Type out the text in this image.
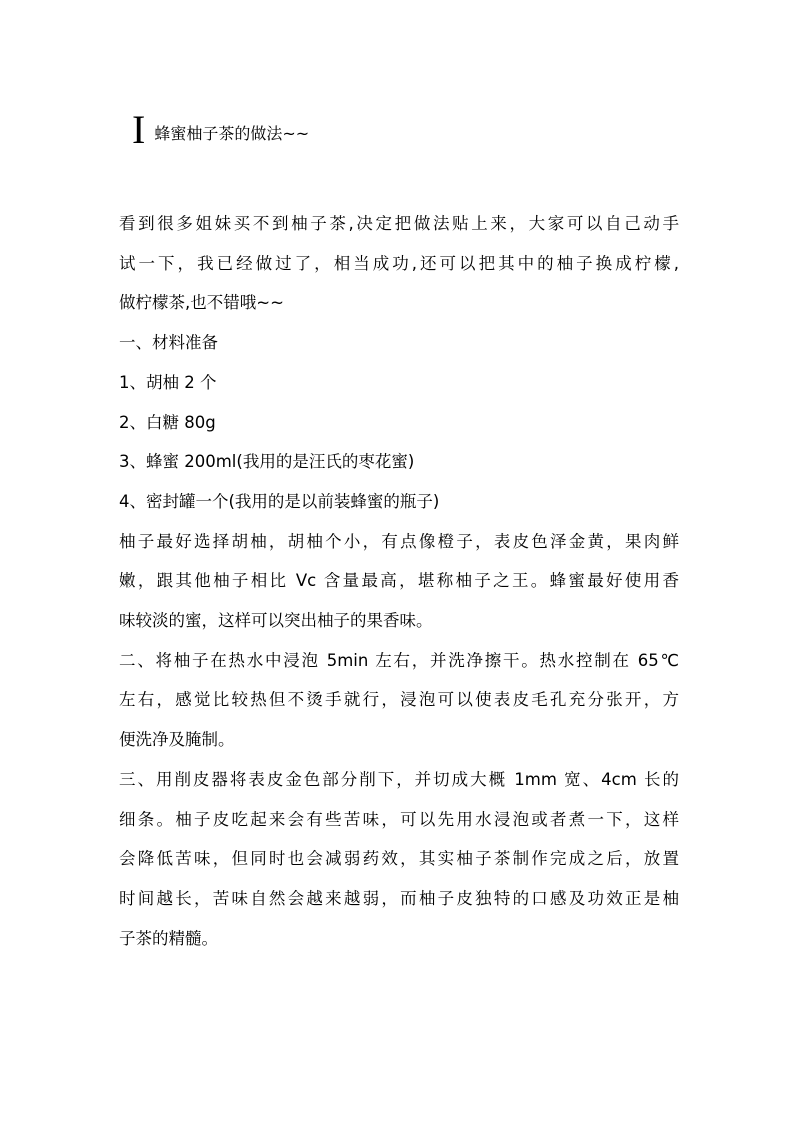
I 蜂蜜柚子茶的做法~~

看到很多姐妹买不到柚子茶,决定把做法贴上来，大家可以自己动手
试一下，我已经做过了，相当成功,还可以把其中的柚子换成柠檬,
做柠檬茶,也不错哦~~

一、材料准备

1、胡柚 2 个
2、白糖 80g
3、蜂蜜 200ml(我用的是汪氏的枣花蜜)
4、密封罐一个(我用的是以前装蜂蜜的瓶子)

柚子最好选择胡柚，胡柚个小，有点像橙子，表皮色泽金黄，果肉鲜
嫩，跟其他柚子相比 Vc 含量最高，堪称柚子之王。蜂蜜最好使用香
味较淡的蜜，这样可以突出柚子的果香味。

二、将柚子在热水中浸泡 5min 左右，并洗净擦干。热水控制在 65℃
左右，感觉比较热但不烫手就行，浸泡可以使表皮毛孔充分张开，方
便洗净及腌制。

三、用削皮器将表皮金色部分削下，并切成大概 1mm 宽、4cm 长的
细条。柚子皮吃起来会有些苦味，可以先用水浸泡或者煮一下，这样
会降低苦味，但同时也会减弱药效，其实柚子茶制作完成之后，放置
时间越长，苦味自然会越来越弱，而柚子皮独特的口感及功效正是柚
子茶的精髓。
